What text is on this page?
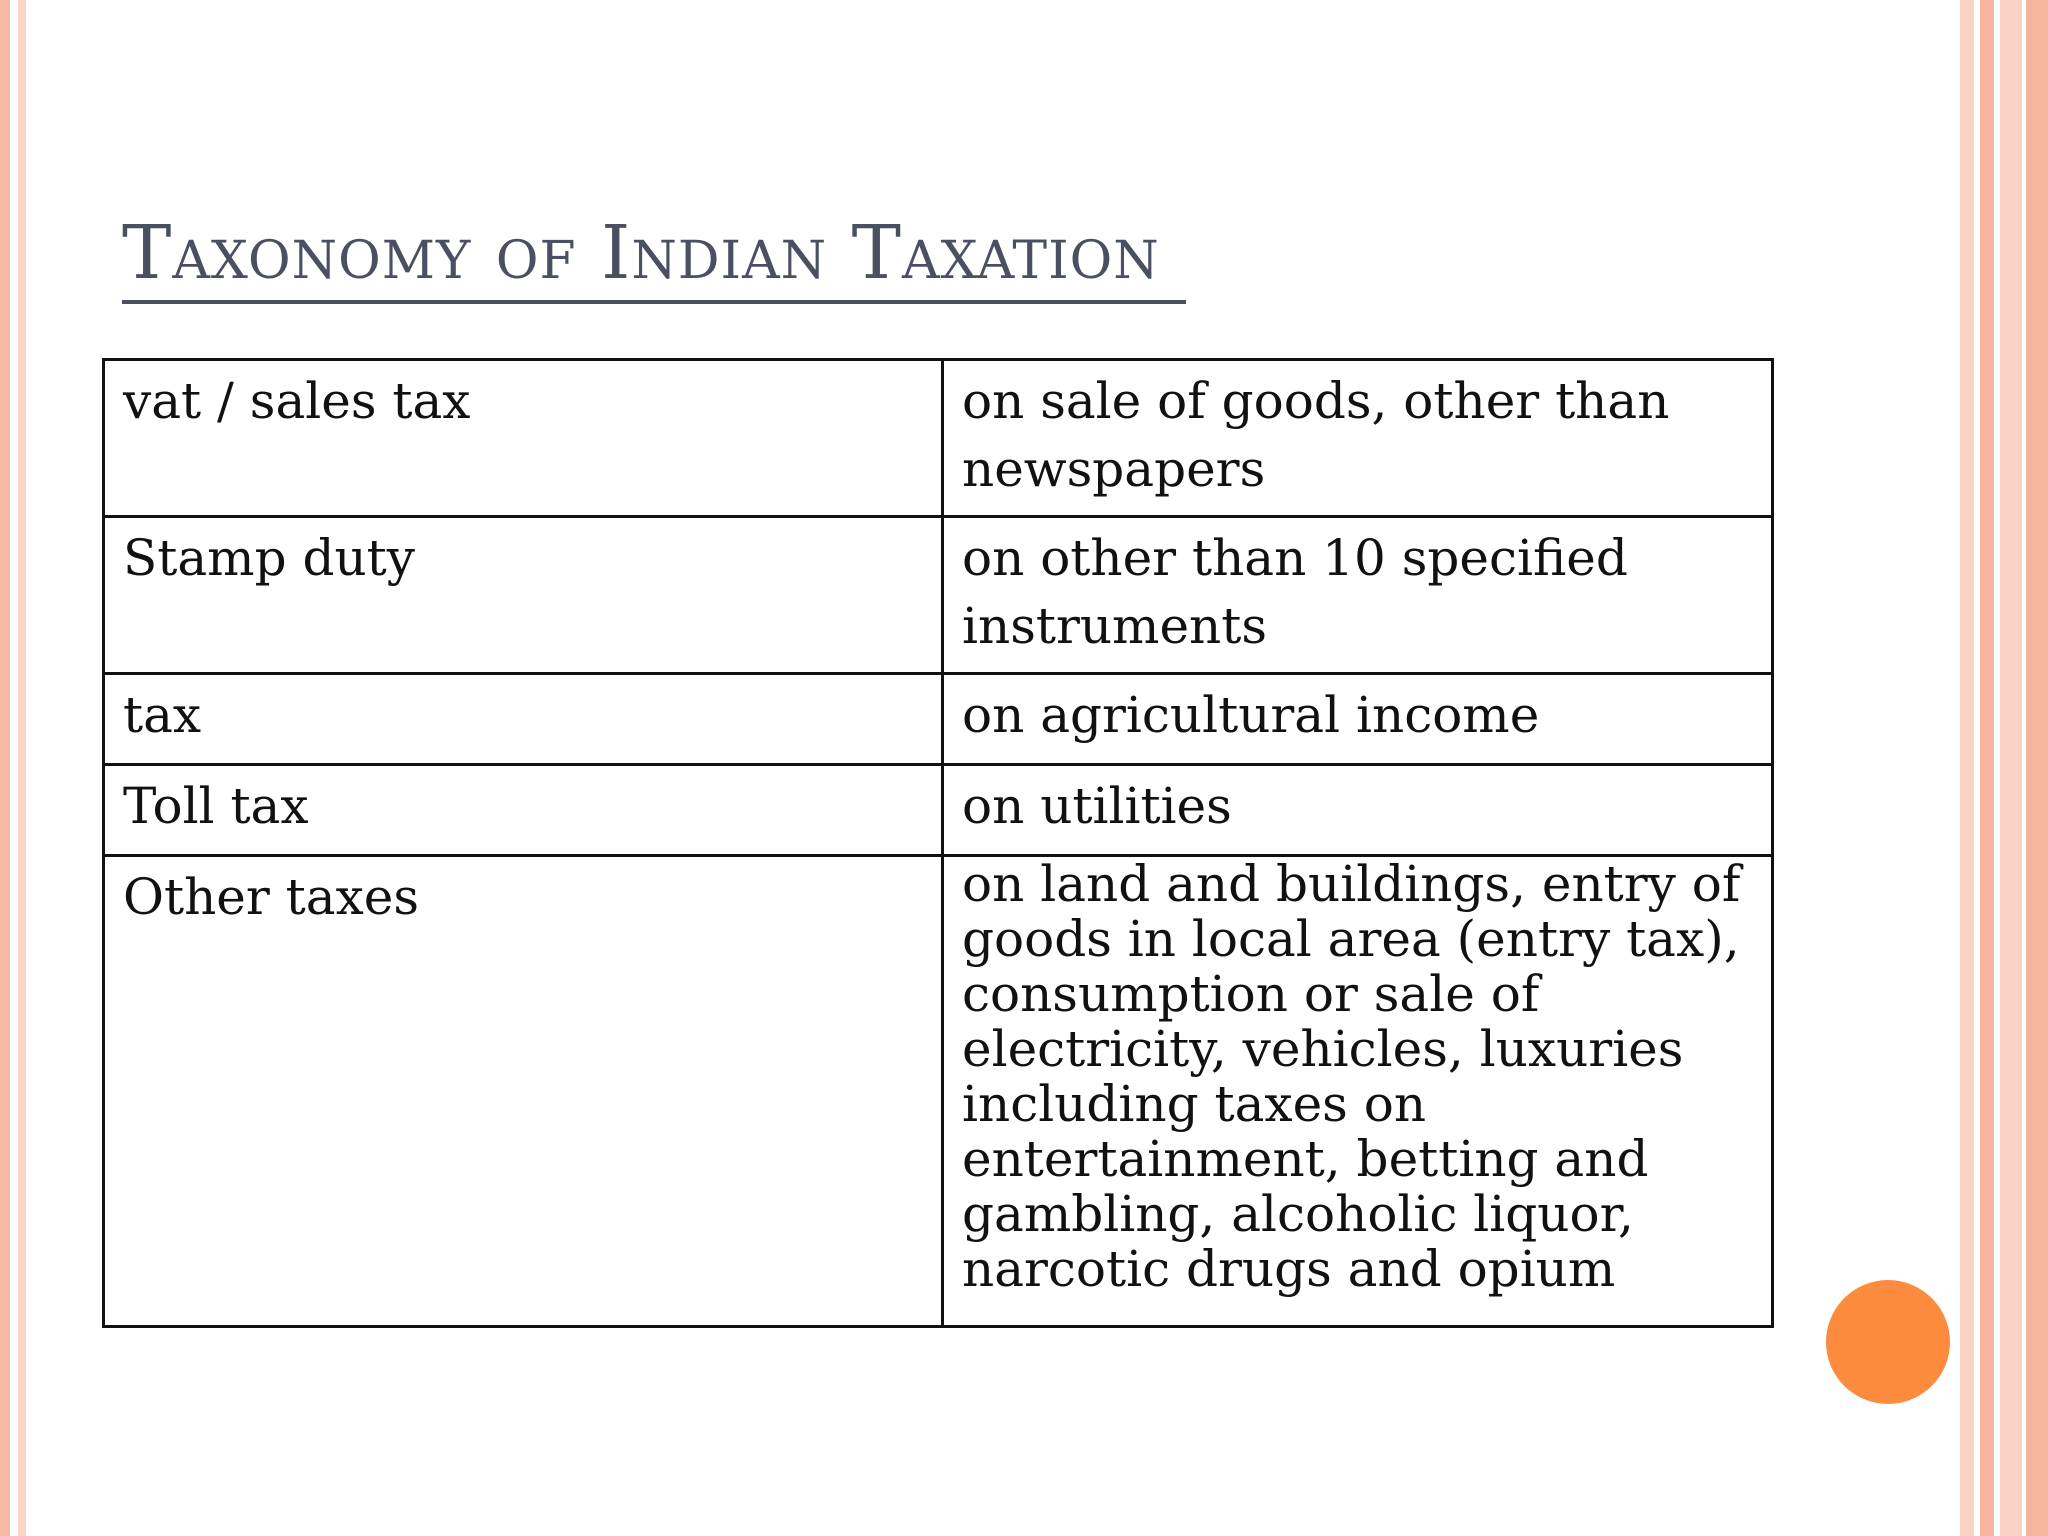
Taxonomy of Indian Taxation
vat / sales tax	on sale of goods, other than newspapers
Stamp duty	on other than 10 specified instruments
tax	on agricultural income
Toll tax	on utilities
Other taxes	on land and buildings, entry of goods in local area (entry tax), consumption or sale of electricity, vehicles, luxuries including taxes on entertainment, betting and gambling, alcoholic liquor, narcotic drugs and opium
